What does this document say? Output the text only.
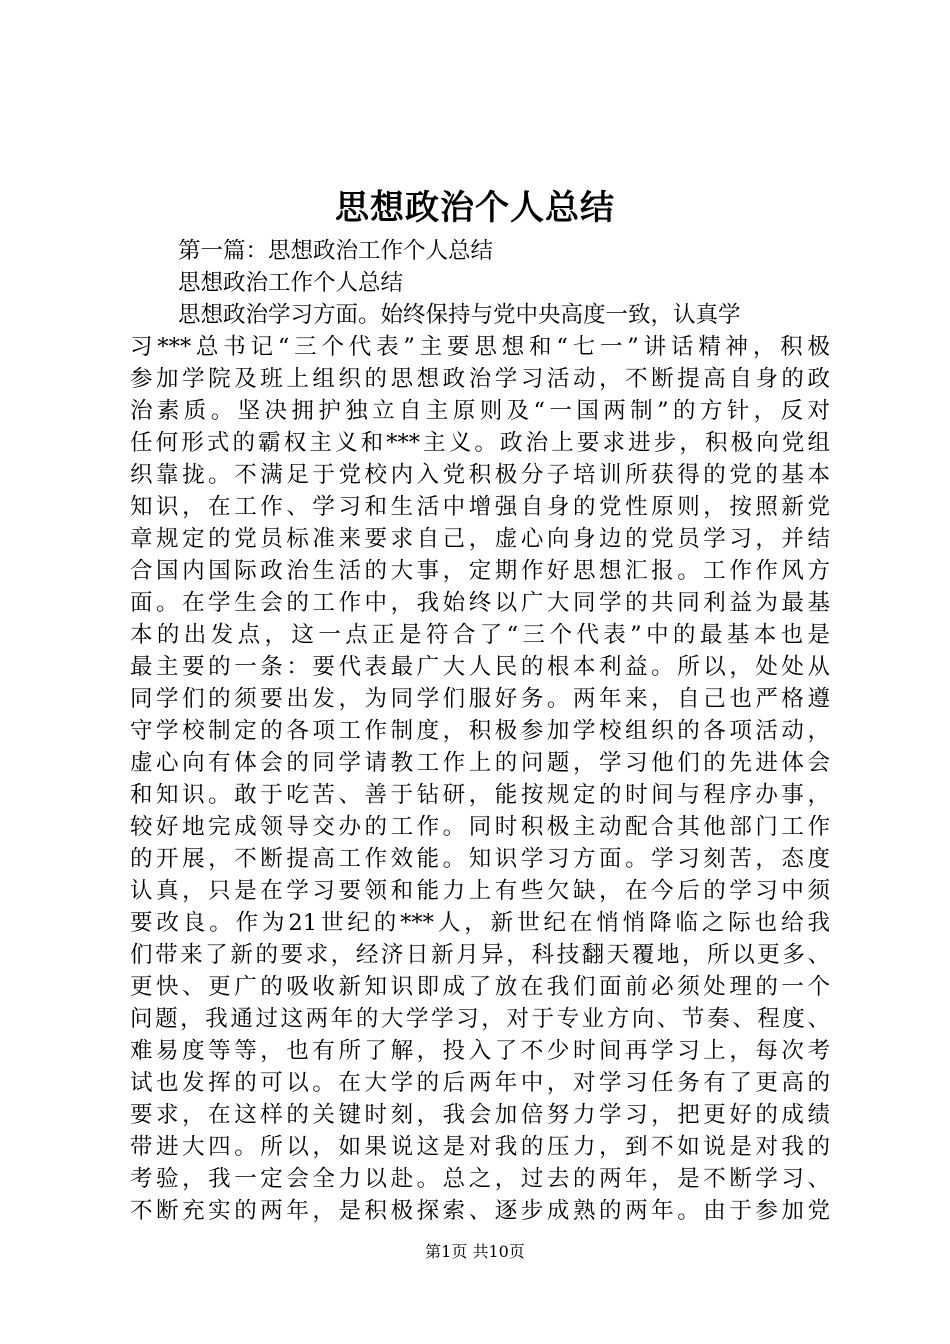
思想政治个人总结
第一篇：思想政治工作个人总结
思想政治工作个人总结
思想政治学习方面。始终保持与党中央高度一致，认真学
习***总书记“三个代表”主要思想和“七一”讲话精神，积极
参加学院及班上组织的思想政治学习活动，不断提高自身的政
治素质。坚决拥护独立自主原则及“一国两制”的方针，反对
任何形式的霸权主义和***主义。政治上要求进步，积极向党组
织靠拢。不满足于党校内入党积极分子培训所获得的党的基本
知识，在工作、学习和生活中增强自身的党性原则，按照新党
章规定的党员标准来要求自己，虚心向身边的党员学习，并结
合国内国际政治生活的大事，定期作好思想汇报。工作作风方
面。在学生会的工作中，我始终以广大同学的共同利益为最基
本的出发点，这一点正是符合了“三个代表”中的最基本也是
最主要的一条：要代表最广大人民的根本利益。所以，处处从
同学们的须要出发，为同学们服好务。两年来，自己也严格遵
守学校制定的各项工作制度，积极参加学校组织的各项活动，
虚心向有体会的同学请教工作上的问题，学习他们的先进体会
和知识。敢于吃苦、善于钻研，能按规定的时间与程序办事，
较好地完成领导交办的工作。同时积极主动配合其他部门工作
的开展，不断提高工作效能。知识学习方面。学习刻苦，态度
认真，只是在学习要领和能力上有些欠缺，在今后的学习中须
要改良。作为21世纪的***人，新世纪在悄悄降临之际也给我
们带来了新的要求，经济日新月异，科技翻天覆地，所以更多、
更快、更广的吸收新知识即成了放在我们面前必须处理的一个
问题，我通过这两年的大学学习，对于专业方向、节奏、程度、
难易度等等，也有所了解，投入了不少时间再学习上，每次考
试也发挥的可以。在大学的后两年中，对学习任务有了更高的
要求，在这样的关键时刻，我会加倍努力学习，把更好的成绩
带进大四。所以，如果说这是对我的压力，到不如说是对我的
考验，我一定会全力以赴。总之，过去的两年，是不断学习、
不断充实的两年，是积极探索、逐步成熟的两年。由于参加党
第1页 共10页
